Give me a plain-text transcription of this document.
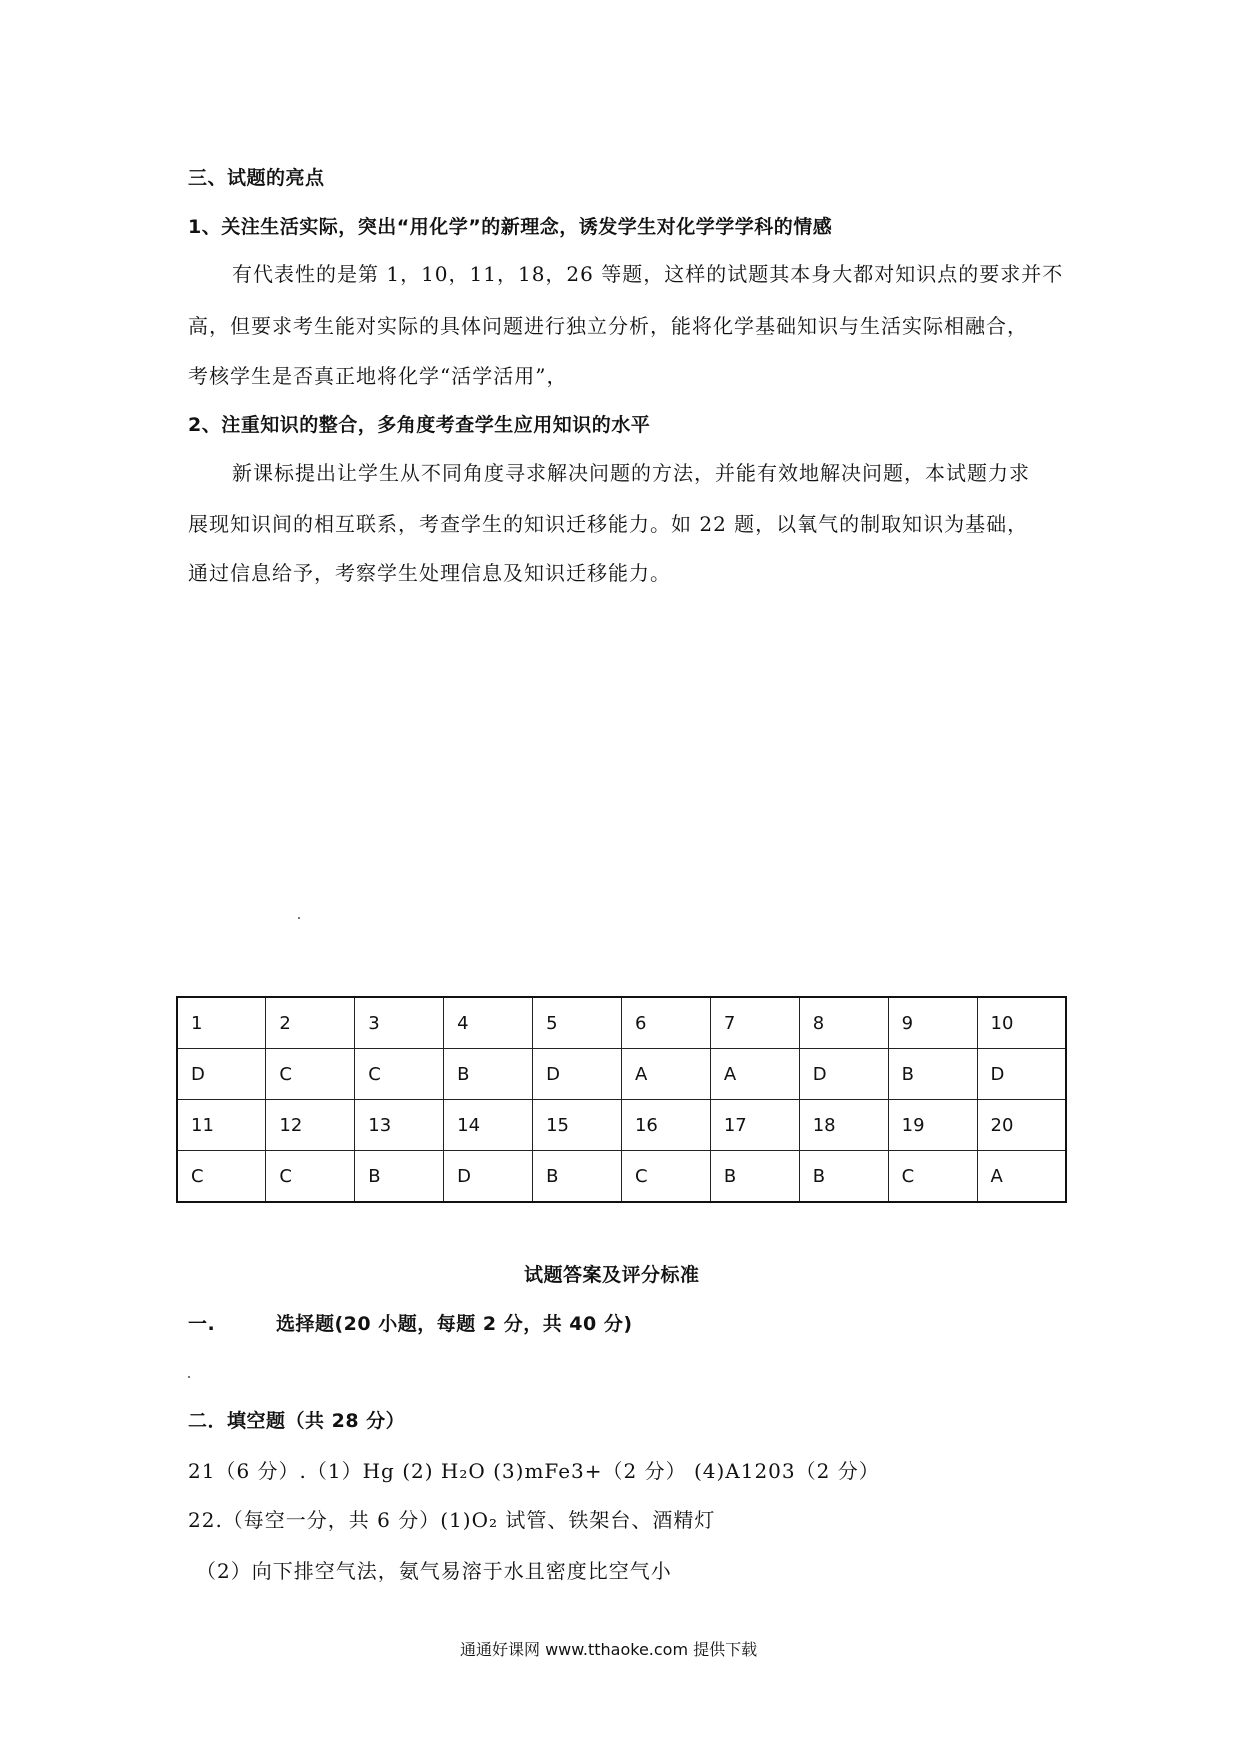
三、试题的亮点
1、关注生活实际，突出“用化学”的新理念，诱发学生对化学学学科的情感
有代表性的是第 1，10，11，18，26 等题，这样的试题其本身大都对知识点的要求并不
高，但要求考生能对实际的具体问题进行独立分析，能将化学基础知识与生活实际相融合，
考核学生是否真正地将化学“活学活用”，
2、注重知识的整合，多角度考查学生应用知识的水平
新课标提出让学生从不同角度寻求解决问题的方法，并能有效地解决问题，本试题力求
展现知识间的相互联系，考查学生的知识迁移能力。如 22 题，以氧气的制取知识为基础，
通过信息给予，考察学生处理信息及知识迁移能力。
1	2	3	4	5	6	7	8	9	10
D	C	C	B	D	A	A	D	B	D
11	12	13	14	15	16	17	18	19	20
C	C	B	D	B	C	B	B	C	A
试题答案及评分标准
一.	选择题(20 小题，每题 2 分，共 40 分)
二．填空题（共 28 分）
21（6 分）.（1）Hg (2) H₂O (3)mFe3+（2 分） (4)A1203（2 分）
22.（每空一分，共 6 分）(1)O₂ 试管、铁架台、酒精灯
（2）向下排空气法，氨气易溶于水且密度比空气小
通通好课网 www.tthaoke.com 提供下载
